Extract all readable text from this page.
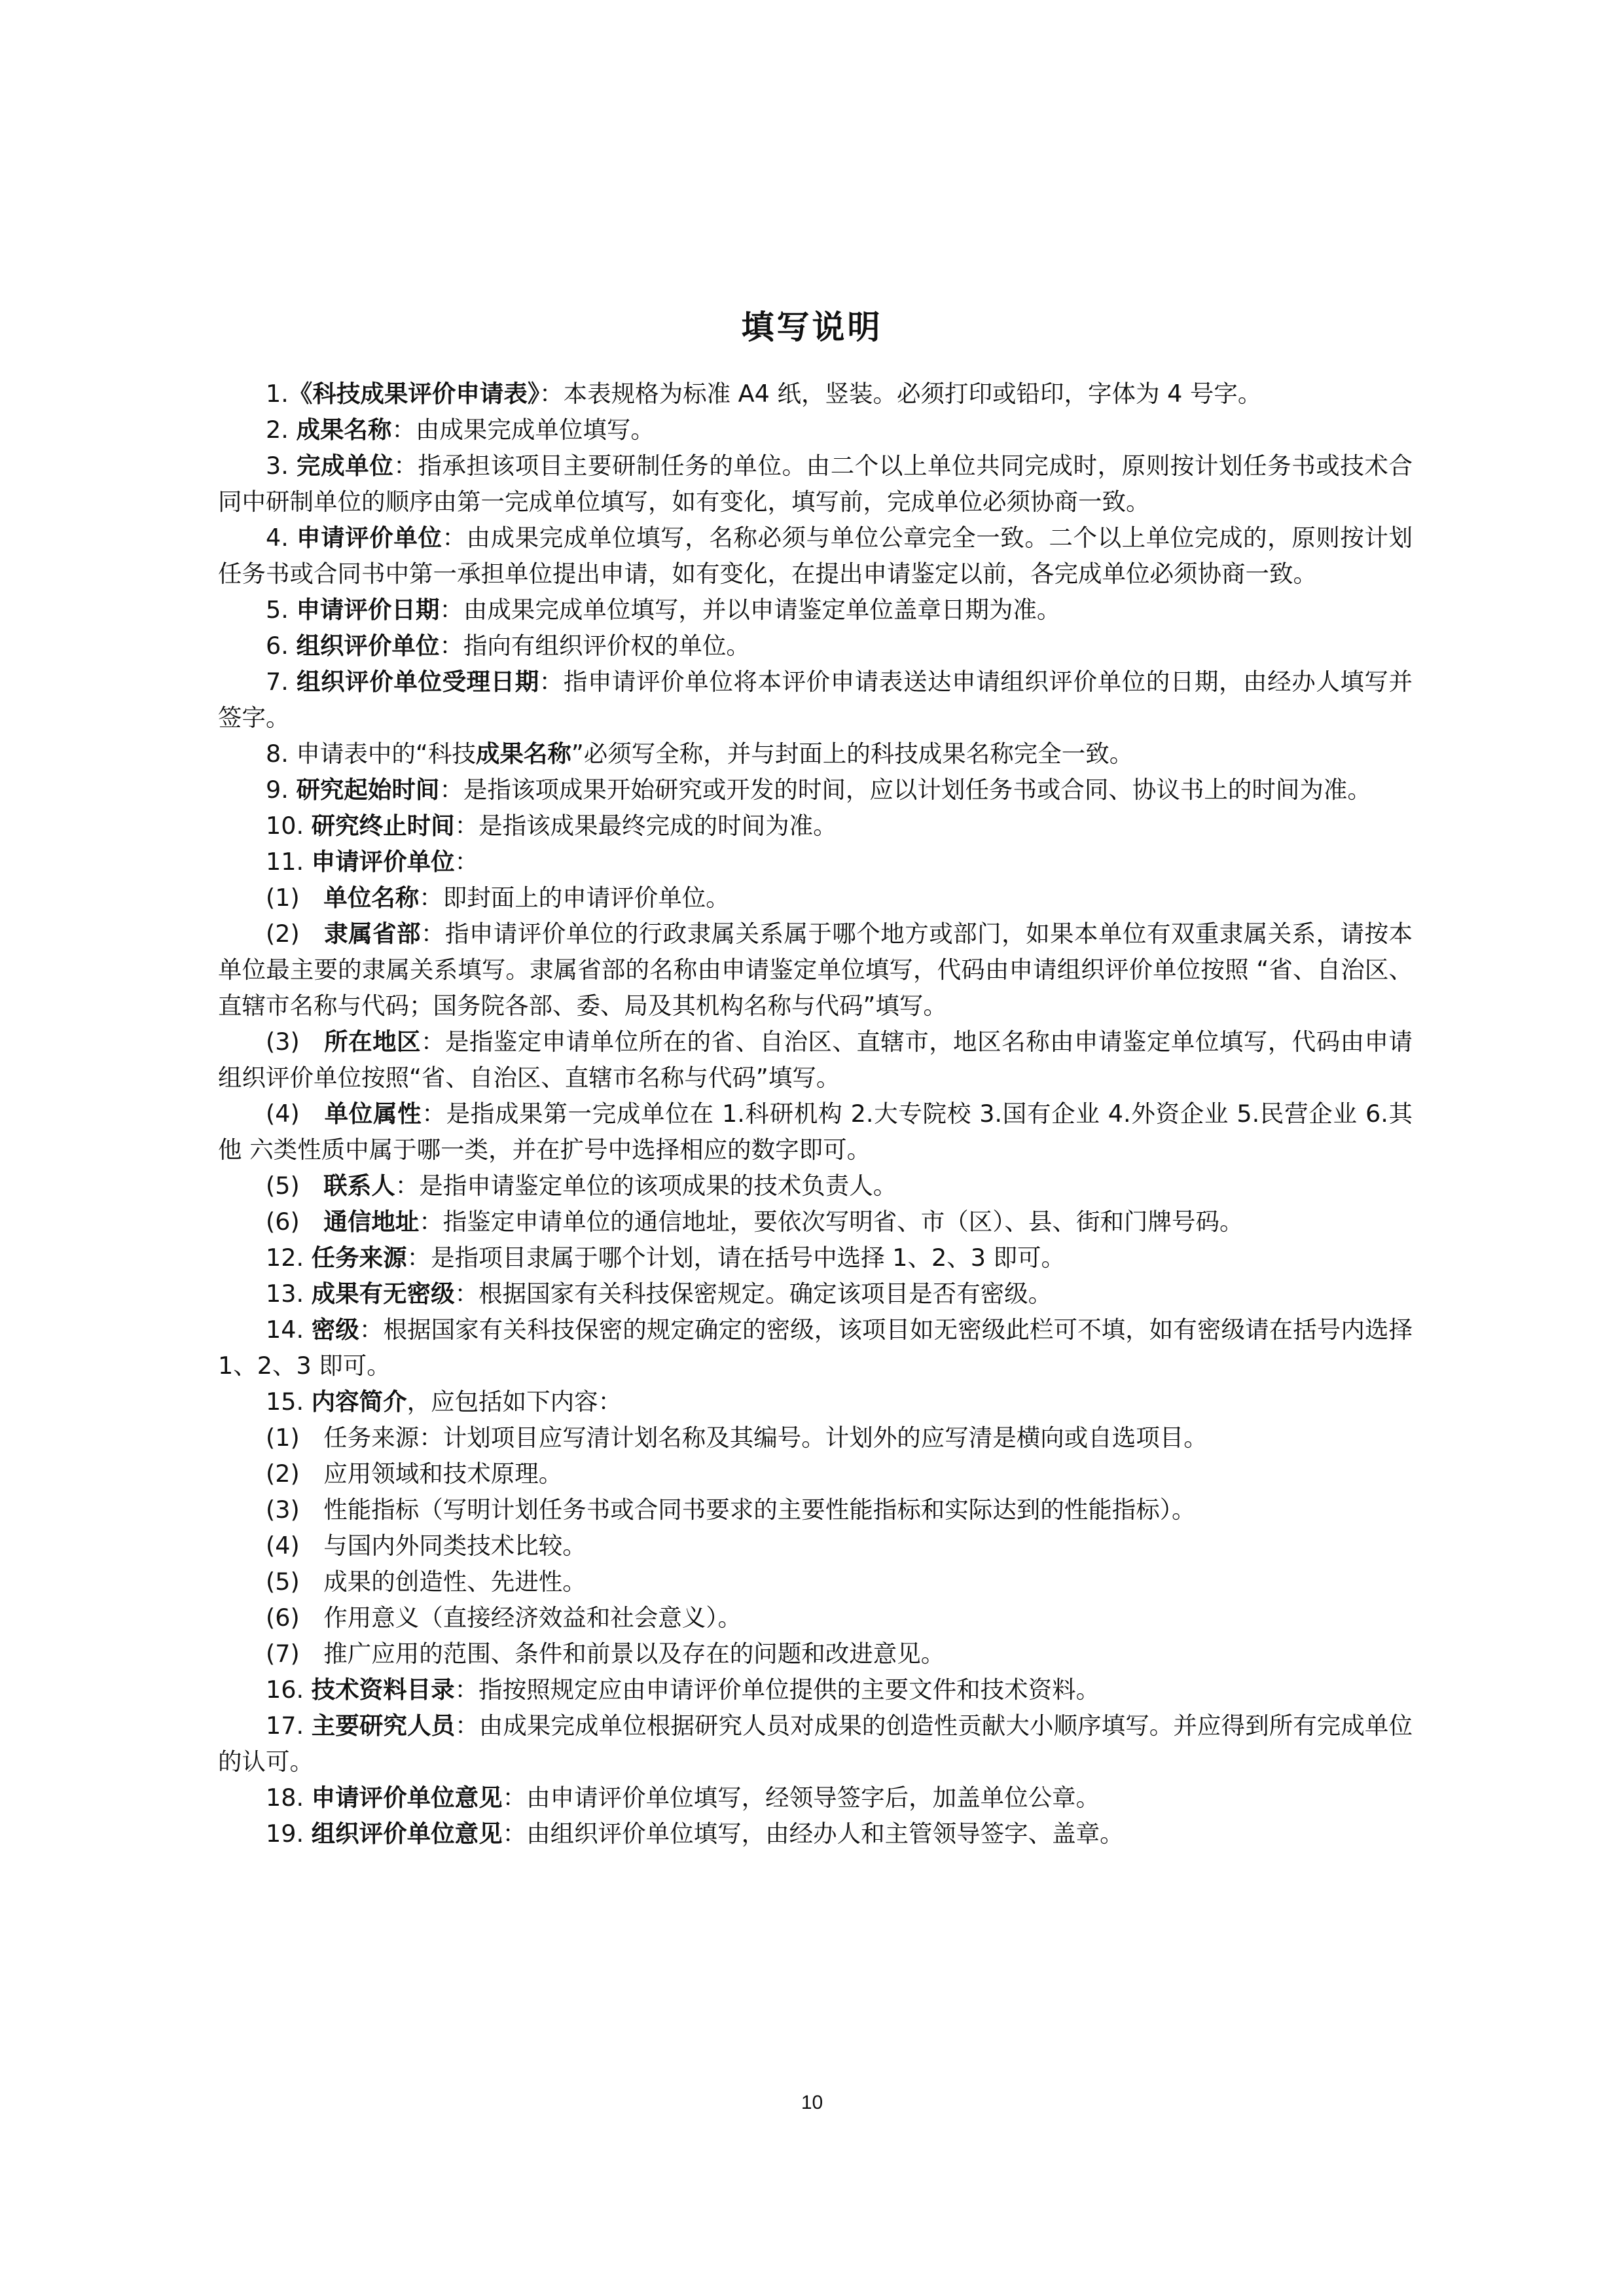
填写说明

1.《科技成果评价申请表》：本表规格为标准 A4 纸，竖装。必须打印或铅印，字体为 4 号字。

2. 成果名称：由成果完成单位填写。

3. 完成单位：指承担该项目主要研制任务的单位。由二个以上单位共同完成时，原则按计划任务书或技术合同中研制单位的顺序由第一完成单位填写，如有变化，填写前，完成单位必须协商一致。

4. 申请评价单位：由成果完成单位填写，名称必须与单位公章完全一致。二个以上单位完成的，原则按计划任务书或合同书中第一承担单位提出申请，如有变化，在提出申请鉴定以前，各完成单位必须协商一致。

5. 申请评价日期：由成果完成单位填写，并以申请鉴定单位盖章日期为准。

6. 组织评价单位：指向有组织评价权的单位。

7. 组织评价单位受理日期：指申请评价单位将本评价申请表送达申请组织评价单位的日期，由经办人填写并签字。

8. 申请表中的“科技成果名称”必须写全称，并与封面上的科技成果名称完全一致。

9. 研究起始时间：是指该项成果开始研究或开发的时间，应以计划任务书或合同、协议书上的时间为准。

10. 研究终止时间：是指该成果最终完成的时间为准。

11. 申请评价单位：

(1)　单位名称：即封面上的申请评价单位。

(2)　隶属省部：指申请评价单位的行政隶属关系属于哪个地方或部门，如果本单位有双重隶属关系，请按本单位最主要的隶属关系填写。隶属省部的名称由申请鉴定单位填写，代码由申请组织评价单位按照 “省、自治区、直辖市名称与代码；国务院各部、委、局及其机构名称与代码”填写。

(3)　所在地区：是指鉴定申请单位所在的省、自治区、直辖市，地区名称由申请鉴定单位填写，代码由申请组织评价单位按照“省、自治区、直辖市名称与代码”填写。

(4)　单位属性：是指成果第一完成单位在 1.科研机构 2.大专院校 3.国有企业 4.外资企业 5.民营企业 6.其他 六类性质中属于哪一类，并在扩号中选择相应的数字即可。

(5)　联系人：是指申请鉴定单位的该项成果的技术负责人。

(6)　通信地址：指鉴定申请单位的通信地址，要依次写明省、市（区）、县、街和门牌号码。

12. 任务来源：是指项目隶属于哪个计划，请在括号中选择 1、2、3 即可。

13. 成果有无密级：根据国家有关科技保密规定。确定该项目是否有密级。

14. 密级：根据国家有关科技保密的规定确定的密级，该项目如无密级此栏可不填，如有密级请在括号内选择 1、2、3 即可。

15. 内容简介，应包括如下内容：

(1)　任务来源：计划项目应写清计划名称及其编号。计划外的应写清是横向或自选项目。

(2)　应用领域和技术原理。

(3)　性能指标（写明计划任务书或合同书要求的主要性能指标和实际达到的性能指标）。

(4)　与国内外同类技术比较。

(5)　成果的创造性、先进性。

(6)　作用意义（直接经济效益和社会意义）。

(7)　推广应用的范围、条件和前景以及存在的问题和改进意见。

16. 技术资料目录：指按照规定应由申请评价单位提供的主要文件和技术资料。

17. 主要研究人员：由成果完成单位根据研究人员对成果的创造性贡献大小顺序填写。并应得到所有完成单位的认可。

18. 申请评价单位意见：由申请评价单位填写，经领导签字后，加盖单位公章。

19. 组织评价单位意见：由组织评价单位填写，由经办人和主管领导签字、盖章。

10
